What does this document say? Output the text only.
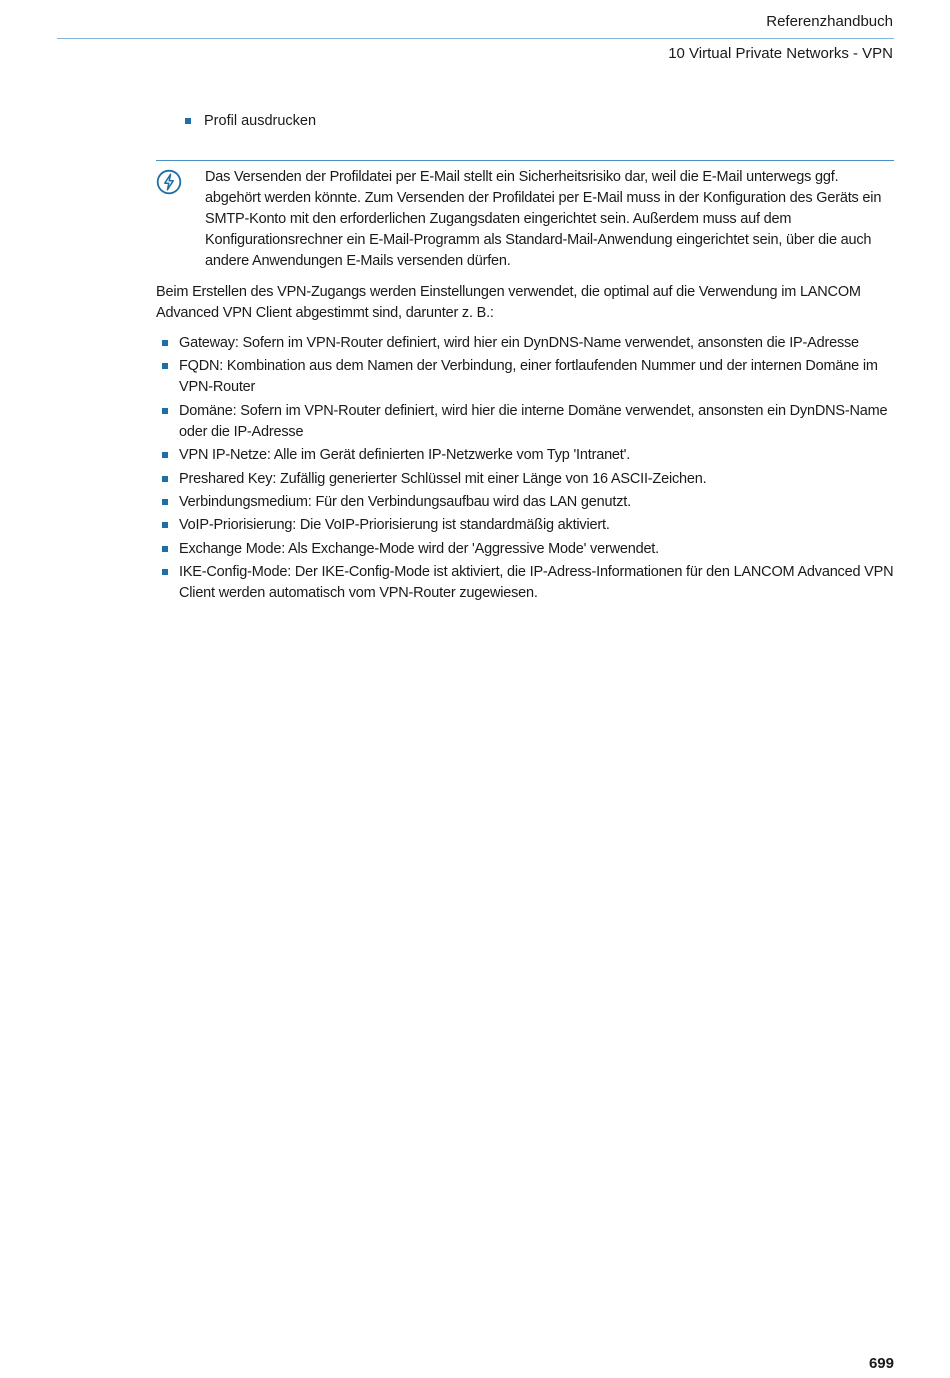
Referenzhandbuch
10 Virtual Private Networks - VPN
Profil ausdrucken
Das Versenden der Profildatei per E-Mail stellt ein Sicherheitsrisiko dar, weil die E-Mail unterwegs ggf. abgehört werden könnte. Zum Versenden der Profildatei per E-Mail muss in der Konfiguration des Geräts ein SMTP-Konto mit den erforderlichen Zugangsdaten eingerichtet sein. Außerdem muss auf dem Konfigurationsrechner ein E-Mail-Programm als Standard-Mail-Anwendung eingerichtet sein, über die auch andere Anwendungen E-Mails versenden dürfen.
Beim Erstellen des VPN-Zugangs werden Einstellungen verwendet, die optimal auf die Verwendung im LANCOM Advanced VPN Client abgestimmt sind, darunter z. B.:
Gateway: Sofern im VPN-Router definiert, wird hier ein DynDNS-Name verwendet, ansonsten die IP-Adresse
FQDN: Kombination aus dem Namen der Verbindung, einer fortlaufenden Nummer und der internen Domäne im VPN-Router
Domäne: Sofern im VPN-Router definiert, wird hier die interne Domäne verwendet, ansonsten ein DynDNS-Name oder die IP-Adresse
VPN IP-Netze: Alle im Gerät definierten IP-Netzwerke vom Typ 'Intranet'.
Preshared Key: Zufällig generierter Schlüssel mit einer Länge von 16 ASCII-Zeichen.
Verbindungsmedium: Für den Verbindungsaufbau wird das LAN genutzt.
VoIP-Priorisierung: Die VoIP-Priorisierung ist standardmäßig aktiviert.
Exchange Mode: Als Exchange-Mode wird der 'Aggressive Mode' verwendet.
IKE-Config-Mode: Der IKE-Config-Mode ist aktiviert, die IP-Adress-Informationen für den LANCOM Advanced VPN Client werden automatisch vom VPN-Router zugewiesen.
699
